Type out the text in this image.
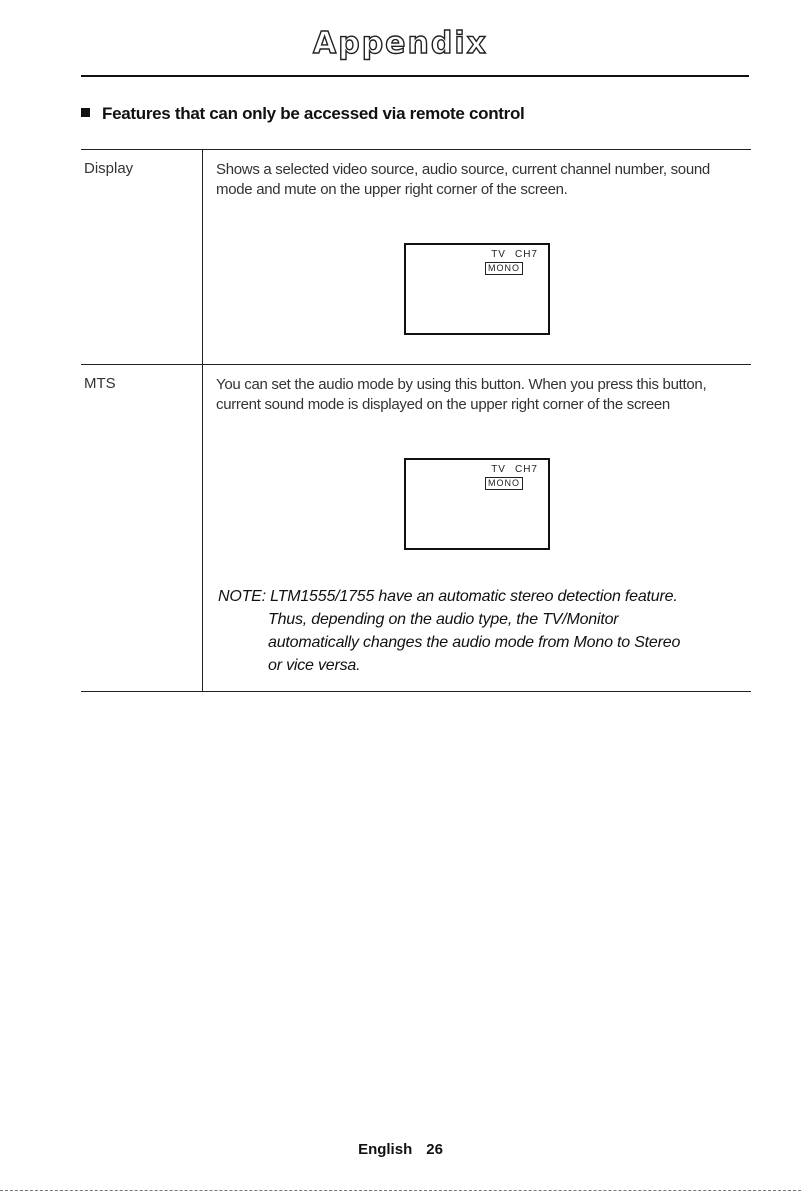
Appendix
Features that can only be accessed via remote control
Display	Shows a selected video source, audio source, current channel number, sound mode and mute on the upper right corner of the screen.
TV CH7
MONO
MTS	You can set the audio mode by using this button. When you press this button, current sound mode is displayed on the upper right corner of the screen
TV CH7
MONO
NOTE: LTM1555/1755 have an automatic stereo detection feature.
Thus, depending on the audio type, the TV/Monitor
automatically changes the audio mode from Mono to Stereo
or vice versa.
English 26
